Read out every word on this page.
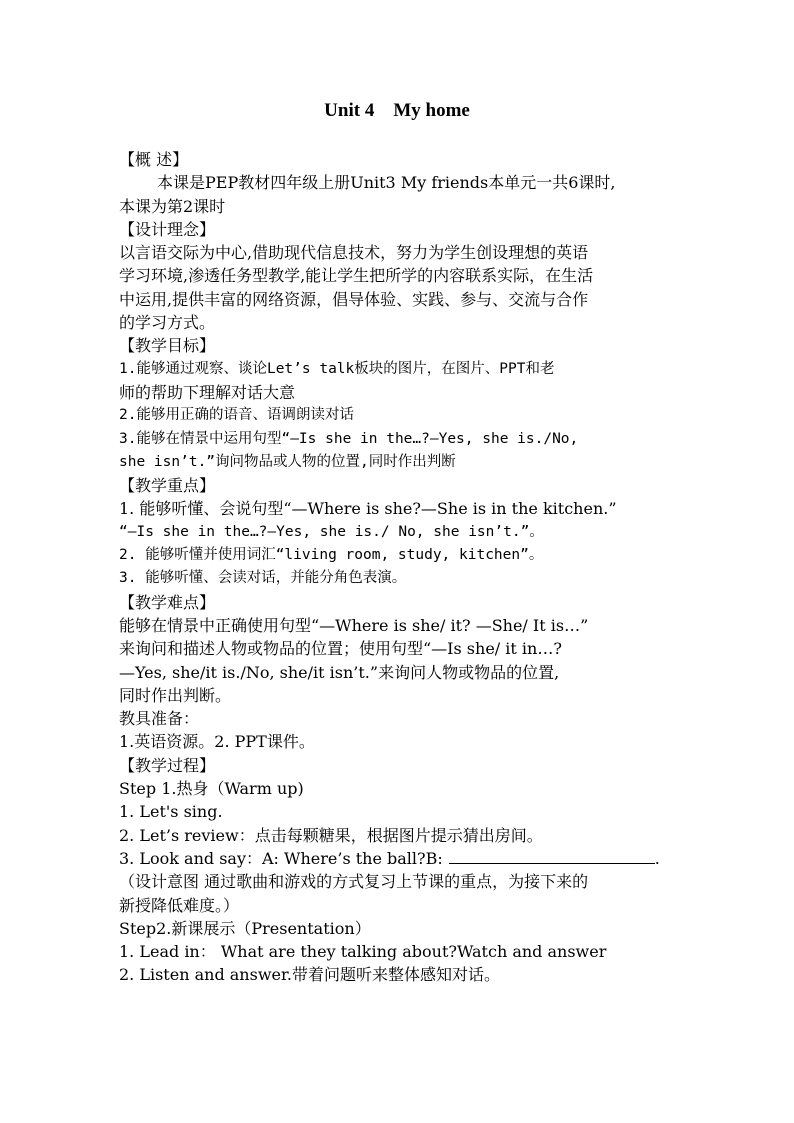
Unit 4    My home
【概 述】
本课是PEP教材四年级上册Unit3 My friends本单元一共6课时,
本课为第2课时
【设计理念】
以言语交际为中心,借助现代信息技术，努力为学生创设理想的英语
学习环境,渗透任务型教学,能让学生把所学的内容联系实际，在生活
中运用,提供丰富的网络资源，倡导体验、实践、参与、交流与合作
的学习方式。
【教学目标】
1.能够通过观察、谈论Let’s talk板块的图片，在图片、PPT和老
师的帮助下理解对话大意
2.能够用正确的语音、语调朗读对话
3.能够在情景中运用句型“—Is she in the…?—Yes, she is./No,
she isn’t.”询问物品或人物的位置,同时作出判断
【教学重点】
1. 能够听懂、会说句型“—Where is she?—She is in the kitchen.”
“—Is she in the…?—Yes, she is./ No, she isn’t.”。
2. 能够听懂并使用词汇“living room, study, kitchen”。
3. 能够听懂、会读对话，并能分角色表演。
【教学难点】
能够在情景中正确使用句型“—Where is she/ it? —She/ It is…”
来询问和描述人物或物品的位置；使用句型“—Is she/ it in…?
—Yes, she/it is./No, she/it isn’t.”来询问人物或物品的位置,
同时作出判断。
教具准备：
1.英语资源。2. PPT课件。
【教学过程】
Step 1.热身（Warm up)
1. Let's sing.
2. Let’s review：点击每颗糖果，根据图片提示猜出房间。
3. Look and say：A: Where’s the ball?B:	.
（设计意图 通过歌曲和游戏的方式复习上节课的重点，为接下来的
新授降低难度。）
Step2.新课展示（Presentation）
1. Lead in： What are they talking about?Watch and answer
2. Listen and answer.带着问题听来整体感知对话。
